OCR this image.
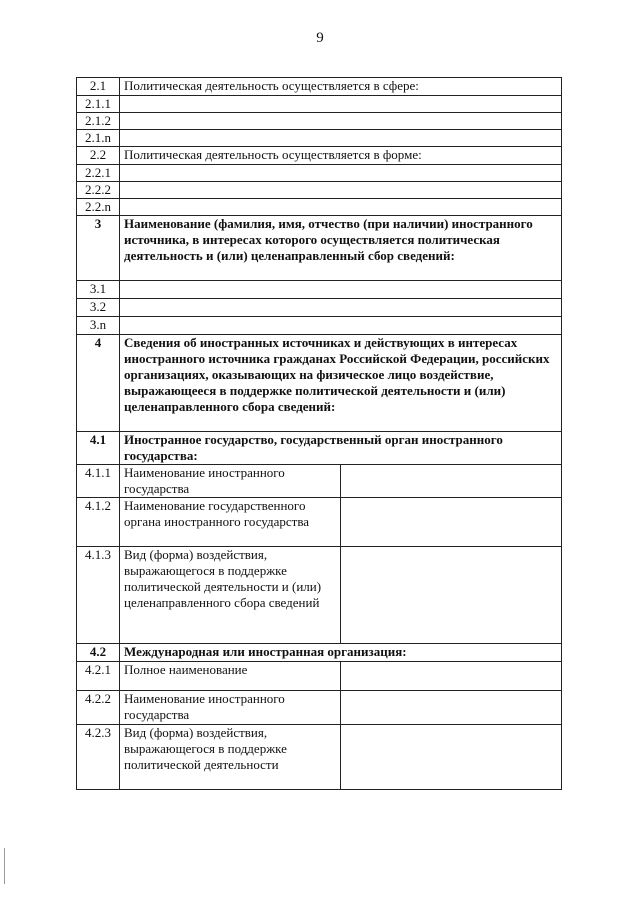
9
2.1	Политическая деятельность осуществляется в сфере:	
2.1.1		
2.1.2		
2.1.n		
2.2	Политическая деятельность осуществляется в форме:	
2.2.1		
2.2.2		
2.2.n		
3	Наименование (фамилия, имя, отчество (при наличии) иностранного источника, в интересах которого осуществляется политическая деятельность и (или) целенаправленный сбор сведений:	
3.1		
3.2		
3.n		
4	Сведения об иностранных источниках и действующих в интересах иностранного источника гражданах Российской Федерации, российских организациях, оказывающих на физическое лицо воздействие, выражающееся в поддержке политической деятельности и (или) целенаправленного сбора сведений:	
4.1	Иностранное государство, государственный орган иностранного государства:	
4.1.1	Наименование иностранного государства	
4.1.2	Наименование государственного органа иностранного государства	
4.1.3	Вид (форма) воздействия, выражающегося в поддержке политической деятельности и (или) целенаправленного сбора сведений	
4.2	Международная или иностранная организация:	
4.2.1	Полное наименование	
4.2.2	Наименование иностранного государства	
4.2.3	Вид (форма) воздействия, выражающегося в поддержке политической деятельности	
